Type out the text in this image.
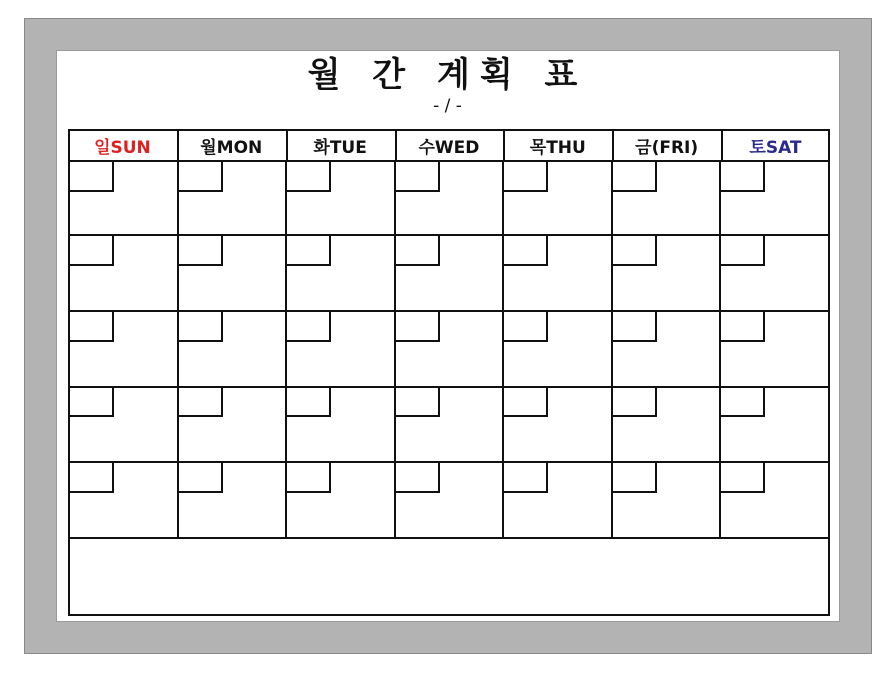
월 간 계획 표
- / -
일SUN	월MON	화TUE	수WED	목THU	금(FRI)	토SAT
